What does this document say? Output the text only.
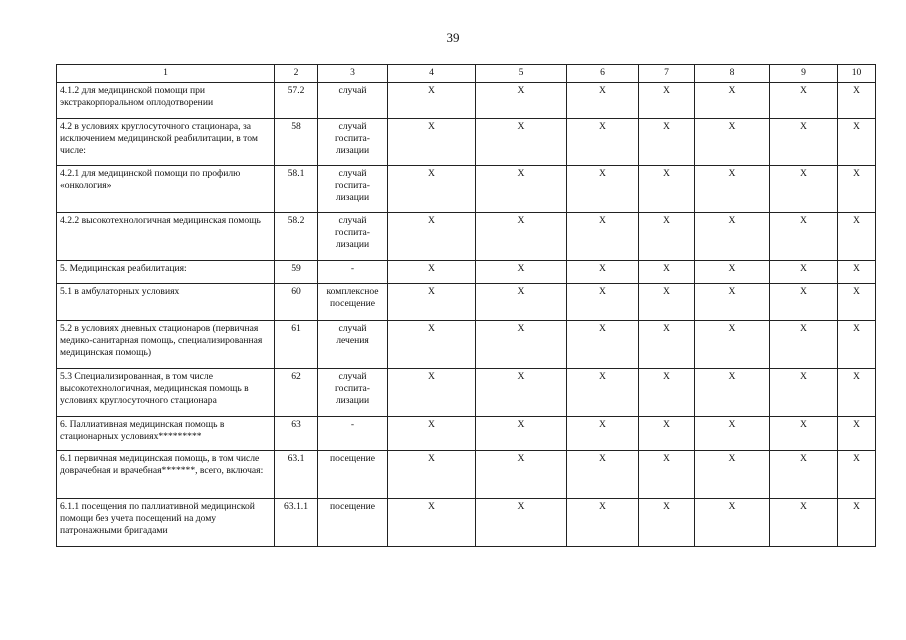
39
1	2	3	4	5	6	7	8	9	10
4.1.2 для медицинской помощи при экстракорпоральном оплодотворении	57.2	случай	Х	Х	Х	Х	Х	Х	Х
4.2 в условиях круглосуточного стационара, за исключением медицинской реабилитации, в том числе:	58	случай госпита-лизации	Х	Х	Х	Х	Х	Х	Х
4.2.1 для медицинской помощи по профилю «онкология»	58.1	случай госпита-лизации	Х	Х	Х	Х	Х	Х	Х
4.2.2 высокотехнологичная медицинская помощь	58.2	случай госпита-лизации	Х	Х	Х	Х	Х	Х	Х
5. Медицинская реабилитация:	59	-	Х	Х	Х	Х	Х	Х	Х
5.1 в амбулаторных условиях	60	комплексное посещение	Х	Х	Х	Х	Х	Х	Х
5.2 в условиях дневных стационаров (первичная медико-санитарная помощь, специализированная медицинская помощь)	61	случай лечения	Х	Х	Х	Х	Х	Х	Х
5.3 Специализированная, в том числе высокотехнологичная, медицинская помощь в условиях круглосуточного стационара	62	случай госпита-лизации	Х	Х	Х	Х	Х	Х	Х
6. Паллиативная медицинская помощь в стационарных условиях*********	63	-	Х	Х	Х	Х	Х	Х	Х
6.1 первичная медицинская помощь, в том числе доврачебная и врачебная*******, всего, включая:	63.1	посещение	Х	Х	Х	Х	Х	Х	Х
6.1.1 посещения по паллиативной медицинской помощи без учета посещений на дому патронажными бригадами	63.1.1	посещение	Х	Х	Х	Х	Х	Х	Х
